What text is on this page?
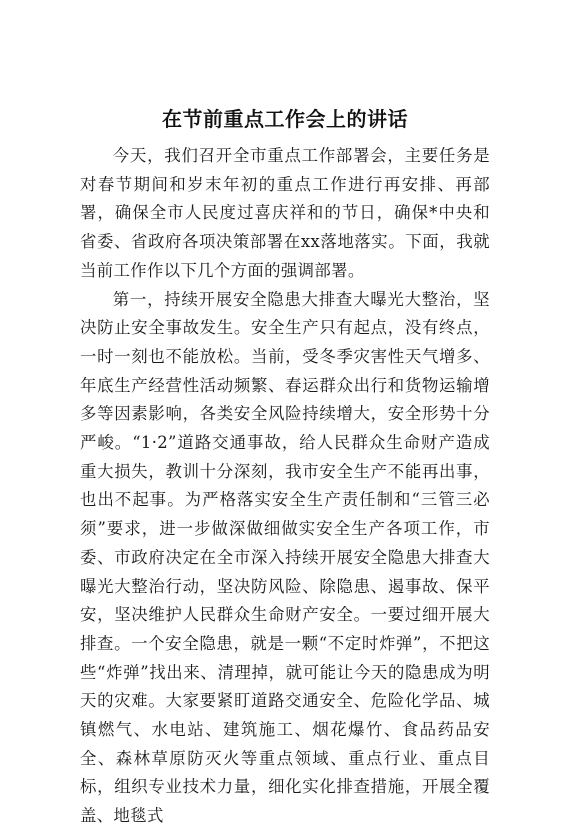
在节前重点工作会上的讲话

今天，我们召开全市重点工作部署会，主要任务是对春节期间和岁末年初的重点工作进行再安排、再部署，确保全市人民度过喜庆祥和的节日，确保*中央和省委、省政府各项决策部署在xx落地落实。下面，我就当前工作作以下几个方面的强调部署。

第一，持续开展安全隐患大排查大曝光大整治，坚决防止安全事故发生。安全生产只有起点，没有终点，一时一刻也不能放松。当前，受冬季灾害性天气增多、年底生产经营性活动频繁、春运群众出行和货物运输增多等因素影响，各类安全风险持续增大，安全形势十分严峻。“1·2”道路交通事故，给人民群众生命财产造成重大损失，教训十分深刻，我市安全生产不能再出事，也出不起事。为严格落实安全生产责任制和“三管三必须”要求，进一步做深做细做实安全生产各项工作，市委、市政府决定在全市深入持续开展安全隐患大排查大曝光大整治行动，坚决防风险、除隐患、遏事故、保平安，坚决维护人民群众生命财产安全。一要过细开展大排查。一个安全隐患，就是一颗“不定时炸弹”，不把这些“炸弹”找出来、清理掉，就可能让今天的隐患成为明天的灾难。大家要紧盯道路交通安全、危险化学品、城镇燃气、水电站、建筑施工、烟花爆竹、食品药品安全、森林草原防灭火等重点领域、重点行业、重点目标，组织专业技术力量，细化实化排查措施，开展全覆盖、地毯式
